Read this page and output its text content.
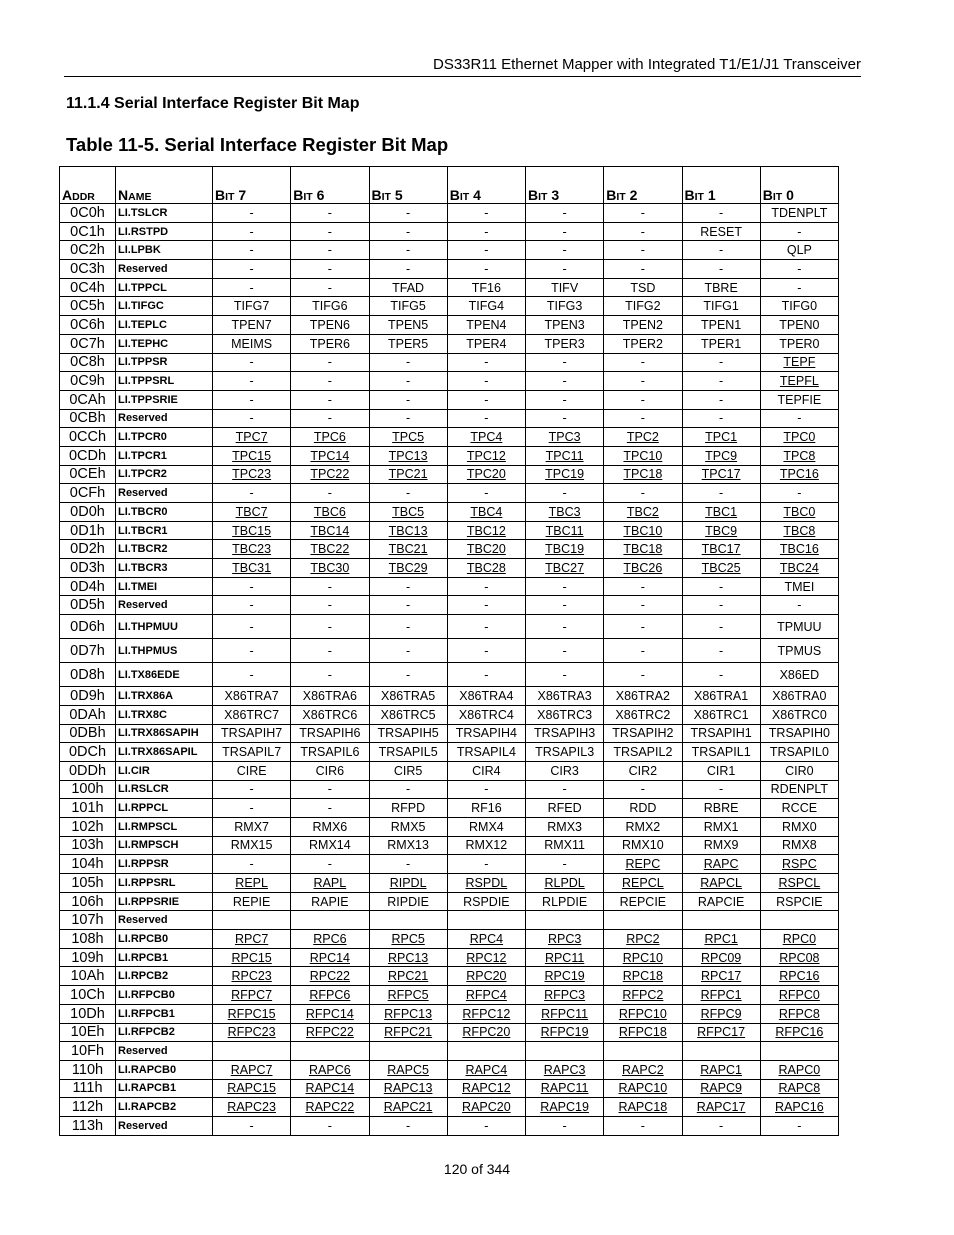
DS33R11 Ethernet Mapper with Integrated T1/E1/J1 Transceiver
11.1.4 Serial Interface Register Bit Map
Table 11-5. Serial Interface Register Bit Map
ADDR	NAME	BIT 7	BIT 6	BIT 5	BIT 4	BIT 3	BIT 2	BIT 1	BIT 0
0C0h	LI.TSLCR	-	-	-	-	-	-	-	TDENPLT
0C1h	LI.RSTPD	-	-	-	-	-	-	RESET	-
0C2h	LI.LPBK	-	-	-	-	-	-	-	QLP
0C3h	Reserved	-	-	-	-	-	-	-	-
0C4h	LI.TPPCL	-	-	TFAD	TF16	TIFV	TSD	TBRE	-
0C5h	LI.TIFGC	TIFG7	TIFG6	TIFG5	TIFG4	TIFG3	TIFG2	TIFG1	TIFG0
0C6h	LI.TEPLC	TPEN7	TPEN6	TPEN5	TPEN4	TPEN3	TPEN2	TPEN1	TPEN0
0C7h	LI.TEPHC	MEIMS	TPER6	TPER5	TPER4	TPER3	TPER2	TPER1	TPER0
0C8h	LI.TPPSR	-	-	-	-	-	-	-	TEPF
0C9h	LI.TPPSRL	-	-	-	-	-	-	-	TEPFL
0CAh	LI.TPPSRIE	-	-	-	-	-	-	-	TEPFIE
0CBh	Reserved	-	-	-	-	-	-	-	-
0CCh	LI.TPCR0	TPC7	TPC6	TPC5	TPC4	TPC3	TPC2	TPC1	TPC0
0CDh	LI.TPCR1	TPC15	TPC14	TPC13	TPC12	TPC11	TPC10	TPC9	TPC8
0CEh	LI.TPCR2	TPC23	TPC22	TPC21	TPC20	TPC19	TPC18	TPC17	TPC16
0CFh	Reserved	-	-	-	-	-	-	-	-
0D0h	LI.TBCR0	TBC7	TBC6	TBC5	TBC4	TBC3	TBC2	TBC1	TBC0
0D1h	LI.TBCR1	TBC15	TBC14	TBC13	TBC12	TBC11	TBC10	TBC9	TBC8
0D2h	LI.TBCR2	TBC23	TBC22	TBC21	TBC20	TBC19	TBC18	TBC17	TBC16
0D3h	LI.TBCR3	TBC31	TBC30	TBC29	TBC28	TBC27	TBC26	TBC25	TBC24
0D4h	LI.TMEI	-	-	-	-	-	-	-	TMEI
0D5h	Reserved	-	-	-	-	-	-	-	-
0D6h	LI.THPMUU	-	-	-	-	-	-	-	TPMUU
0D7h	LI.THPMUS	-	-	-	-	-	-	-	TPMUS
0D8h	LI.TX86EDE	-	-	-	-	-	-	-	X86ED
0D9h	LI.TRX86A	X86TRA7	X86TRA6	X86TRA5	X86TRA4	X86TRA3	X86TRA2	X86TRA1	X86TRA0
0DAh	LI.TRX8C	X86TRC7	X86TRC6	X86TRC5	X86TRC4	X86TRC3	X86TRC2	X86TRC1	X86TRC0
0DBh	LI.TRX86SAPIH	TRSAPIH7	TRSAPIH6	TRSAPIH5	TRSAPIH4	TRSAPIH3	TRSAPIH2	TRSAPIH1	TRSAPIH0
0DCh	LI.TRX86SAPIL	TRSAPIL7	TRSAPIL6	TRSAPIL5	TRSAPIL4	TRSAPIL3	TRSAPIL2	TRSAPIL1	TRSAPIL0
0DDh	LI.CIR	CIRE	CIR6	CIR5	CIR4	CIR3	CIR2	CIR1	CIR0
100h	LI.RSLCR	-	-	-	-	-	-	-	RDENPLT
101h	LI.RPPCL	-	-	RFPD	RF16	RFED	RDD	RBRE	RCCE
102h	LI.RMPSCL	RMX7	RMX6	RMX5	RMX4	RMX3	RMX2	RMX1	RMX0
103h	LI.RMPSCH	RMX15	RMX14	RMX13	RMX12	RMX11	RMX10	RMX9	RMX8
104h	LI.RPPSR	-	-	-	-	-	REPC	RAPC	RSPC
105h	LI.RPPSRL	REPL	RAPL	RIPDL	RSPDL	RLPDL	REPCL	RAPCL	RSPCL
106h	LI.RPPSRIE	REPIE	RAPIE	RIPDIE	RSPDIE	RLPDIE	REPCIE	RAPCIE	RSPCIE
107h	Reserved								
108h	LI.RPCB0	RPC7	RPC6	RPC5	RPC4	RPC3	RPC2	RPC1	RPC0
109h	LI.RPCB1	RPC15	RPC14	RPC13	RPC12	RPC11	RPC10	RPC09	RPC08
10Ah	LI.RPCB2	RPC23	RPC22	RPC21	RPC20	RPC19	RPC18	RPC17	RPC16
10Ch	LI.RFPCB0	RFPC7	RFPC6	RFPC5	RFPC4	RFPC3	RFPC2	RFPC1	RFPC0
10Dh	LI.RFPCB1	RFPC15	RFPC14	RFPC13	RFPC12	RFPC11	RFPC10	RFPC9	RFPC8
10Eh	LI.RFPCB2	RFPC23	RFPC22	RFPC21	RFPC20	RFPC19	RFPC18	RFPC17	RFPC16
10Fh	Reserved								
110h	LI.RAPCB0	RAPC7	RAPC6	RAPC5	RAPC4	RAPC3	RAPC2	RAPC1	RAPC0
111h	LI.RAPCB1	RAPC15	RAPC14	RAPC13	RAPC12	RAPC11	RAPC10	RAPC9	RAPC8
112h	LI.RAPCB2	RAPC23	RAPC22	RAPC21	RAPC20	RAPC19	RAPC18	RAPC17	RAPC16
113h	Reserved	-	-	-	-	-	-	-	-
120 of 344
